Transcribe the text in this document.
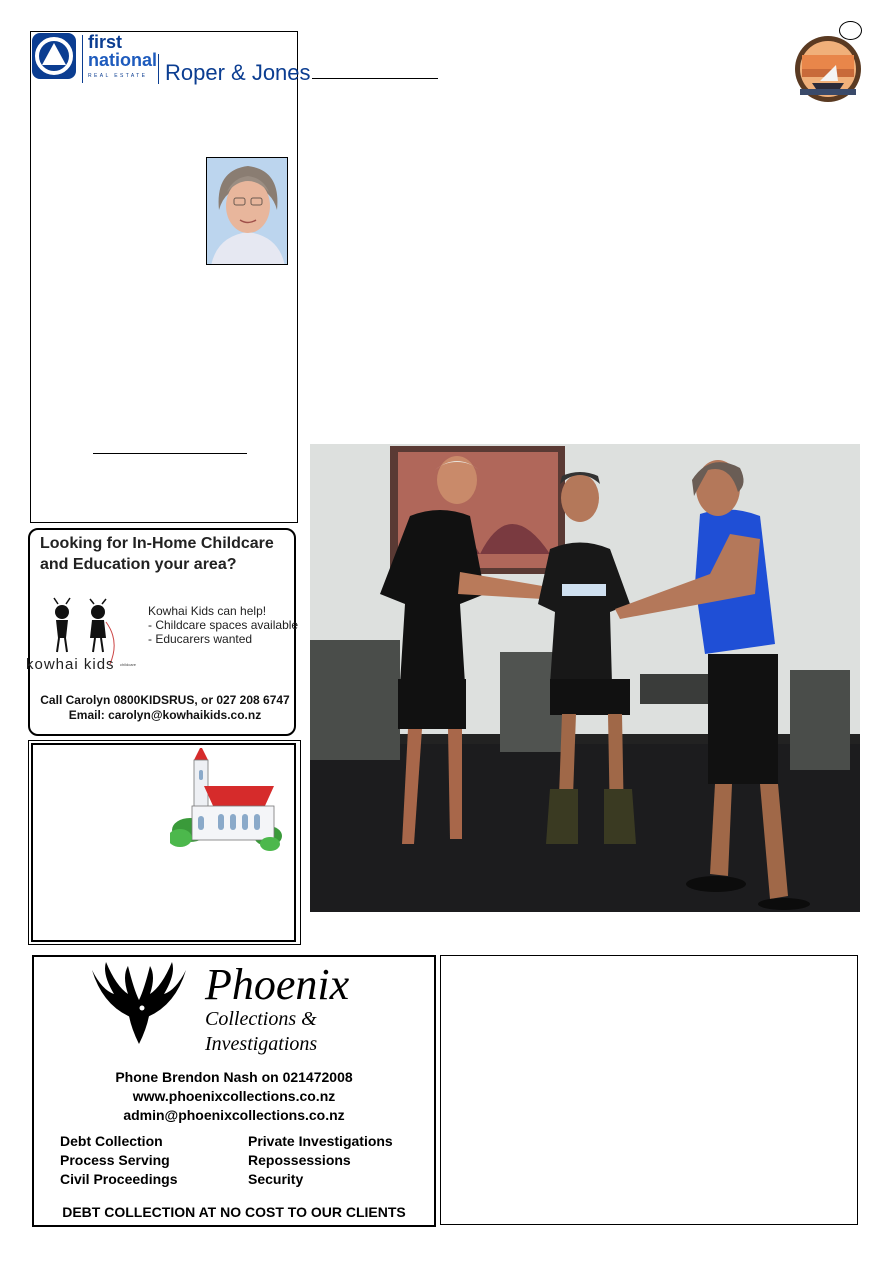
first
national
REAL ESTATE Roper & Jones
Looking for In-Home Childcare and Education your area?
kowhai kids childcare
Kowhai Kids can help!
- Childcare spaces available
- Educarers wanted
Call Carolyn 0800KIDSRUS, or 027 208 6747
Email: carolyn@kowhaikids.co.nz
Phoenix
Collections &
Investigations
Phone Brendon Nash on 021472008
www.phoenixcollections.co.nz
admin@phoenixcollections.co.nz
Debt Collection
Process Serving
Civil Proceedings
Private Investigations
Repossessions
Security
DEBT COLLECTION AT NO COST TO OUR CLIENTS
